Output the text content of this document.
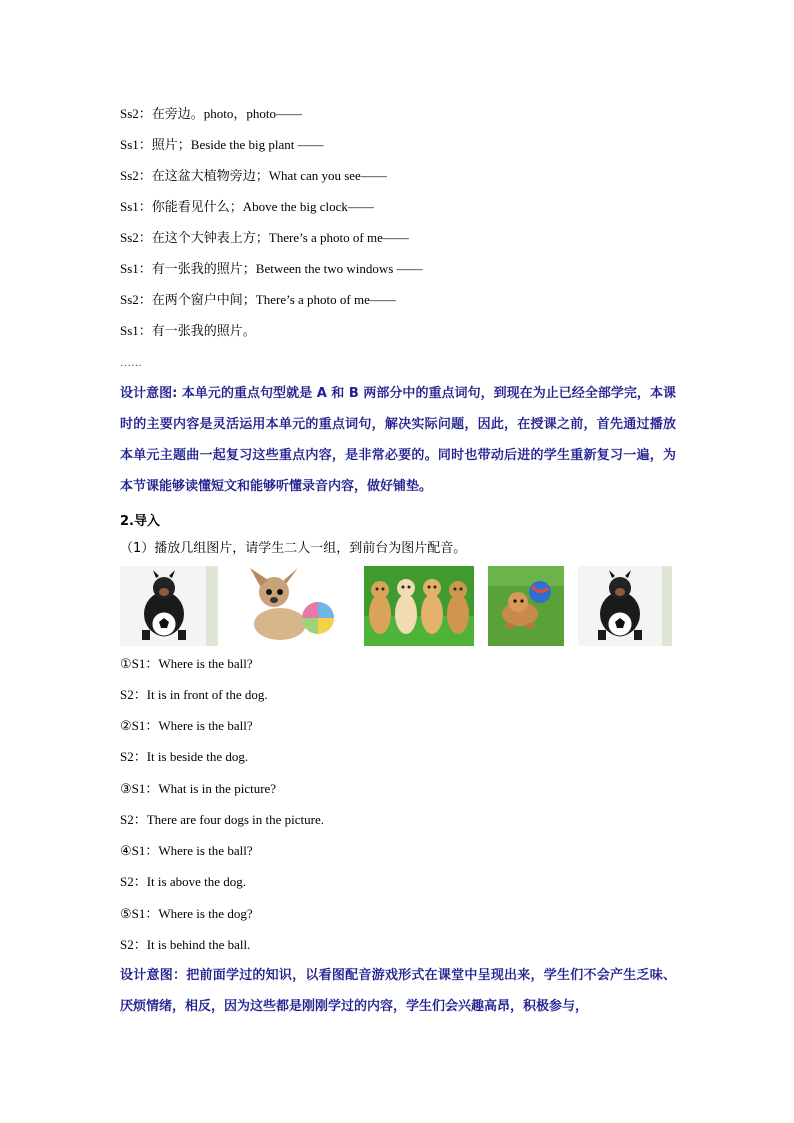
Ss2：在旁边。photo，photo——
Ss1：照片；Beside the big plant ——
Ss2：在这盆大植物旁边；What can you see——
Ss1：你能看见什么；Above the big clock——
Ss2：在这个大钟表上方；There’s a photo of me——
Ss1：有一张我的照片；Between the two windows ——
Ss2：在两个窗户中间；There’s a photo of me——
Ss1：有一张我的照片。
……
设计意图: 本单元的重点句型就是 A 和 B 两部分中的重点词句，到现在为止已经全部学完，本课时的主要内容是灵活运用本单元的重点词句，解决实际问题，因此，在授课之前，首先通过播放本单元主题曲一起复习这些重点内容，是非常必要的。同时也带动后进的学生重新复习一遍，为本节课能够读懂短文和能够听懂录音内容，做好铺垫。
2.导入
（1）播放几组图片，请学生二人一组，到前台为图片配音。
①S1：Where is the ball?
S2：It is in front of the dog.
②S1：Where is the ball?
S2：It is beside the dog.
③S1：What is in the picture?
S2：There are four dogs in the picture.
④S1：Where is the ball?
S2：It is above the dog.
⑤S1：Where is the dog?
S2：It is behind the ball.
设计意图：把前面学过的知识，以看图配音游戏形式在课堂中呈现出来，学生们不会产生乏味、厌烦情绪，相反，因为这些都是刚刚学过的内容，学生们会兴趣高昂，积极参与，
